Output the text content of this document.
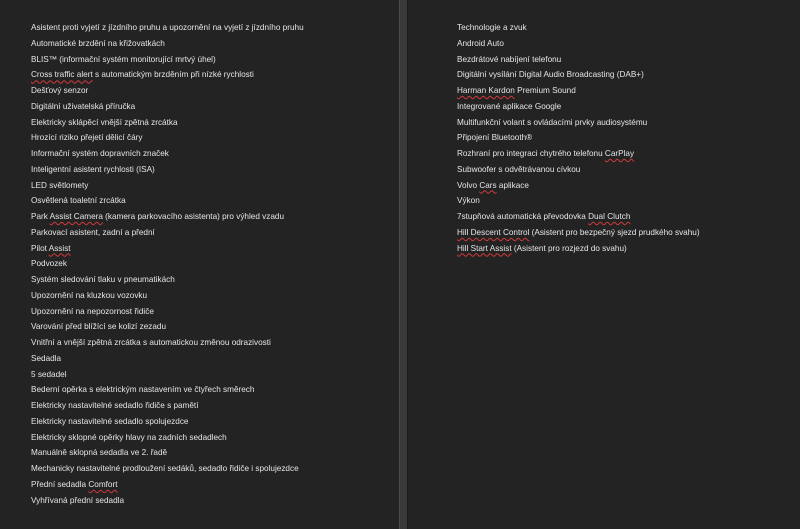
Asistent proti vyjetí z jízdního pruhu a upozornění na vyjetí z jízdního pruhu
Automatické brzdění na křižovatkách
BLIS™ (informační systém monitorující mrtvý úhel)
Cross traffic alert s automatickým brzděním při nízké rychlosti
Dešťový senzor
Digitální uživatelská příručka
Elektricky sklápěcí vnější zpětná zrcátka
Hrozící riziko přejetí dělicí čáry
Informační systém dopravních značek
Inteligentní asistent rychlosti (ISA)
LED světlomety
Osvětlená toaletní zrcátka
Park Assist Camera (kamera parkovacího asistenta) pro výhled vzadu
Parkovací asistent, zadní a přední
Pilot Assist
Podvozek
Systém sledování tlaku v pneumatikách
Upozornění na kluzkou vozovku
Upozornění na nepozornost řidiče
Varování před blížící se kolizí zezadu
Vnitřní a vnější zpětná zrcátka s automatickou změnou odrazivosti
Sedadla
5 sedadel
Bederní opěrka s elektrickým nastavením ve čtyřech směrech
Elektricky nastavitelné sedadlo řidiče s pamětí
Elektricky nastavitelné sedadlo spolujezdce
Elektricky sklopné opěrky hlavy na zadních sedadlech
Manuálně sklopná sedadla ve 2. řadě
Mechanicky nastavitelné prodloužení sedáků, sedadlo řidiče i spolujezdce
Přední sedadla Comfort
Vyhřívaná přední sedadla
Technologie a zvuk
Android Auto
Bezdrátové nabíjení telefonu
Digitální vysílání Digital Audio Broadcasting (DAB+)
Harman Kardon Premium Sound
Integrované aplikace Google
Multifunkční volant s ovládacími prvky audiosystému
Připojení Bluetooth®
Rozhraní pro integraci chytrého telefonu CarPlay
Subwoofer s odvětrávanou cívkou
Volvo Cars aplikace
Výkon
7stupňová automatická převodovka Dual Clutch
Hill Descent Control (Asistent pro bezpečný sjezd prudkého svahu)
Hill Start Assist (Asistent pro rozjezd do svahu)
